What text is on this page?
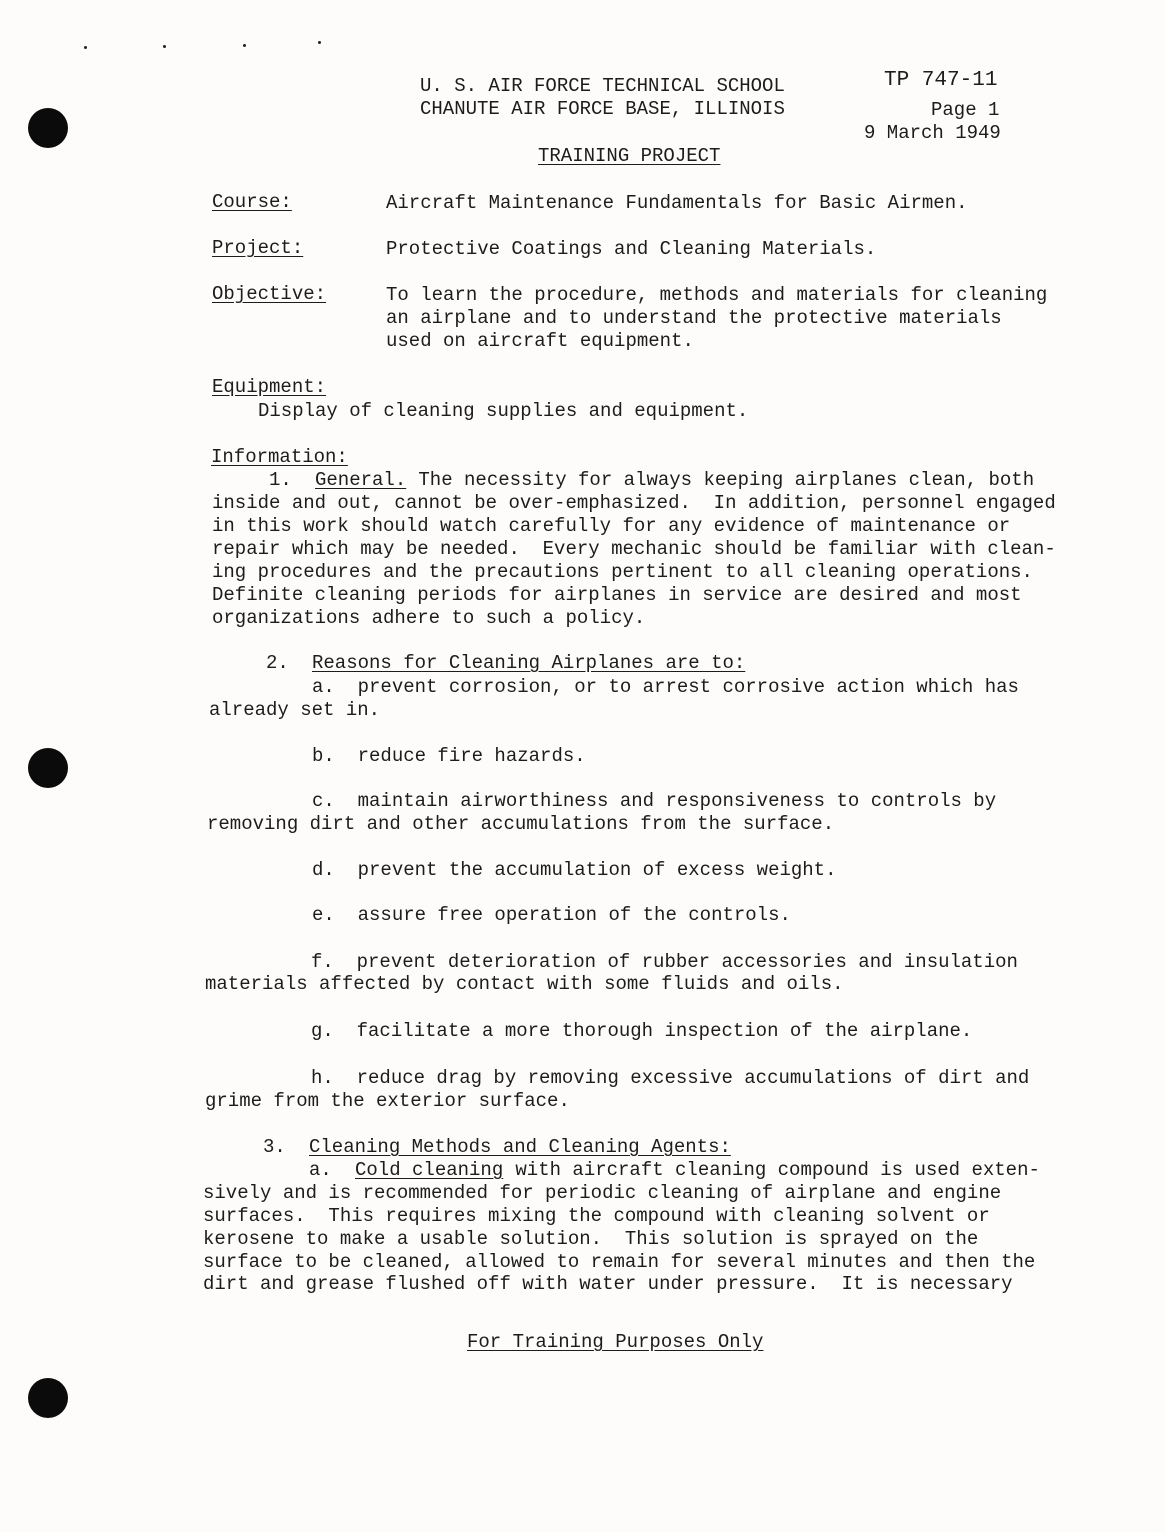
U. S. AIR FORCE TECHNICAL SCHOOL
CHANUTE AIR FORCE BASE, ILLINOIS
TP 747-11
Page 1
9 March 1949
TRAINING PROJECT
Course:	Aircraft Maintenance Fundamentals for Basic Airmen.
Project:	Protective Coatings and Cleaning Materials.
Objective:	To learn the procedure, methods and materials for cleaning
an airplane and to understand the protective materials
used on aircraft equipment.
Equipment:
Display of cleaning supplies and equipment.
Information:
1. General. The necessity for always keeping airplanes clean, both
inside and out, cannot be over-emphasized.  In addition, personnel engaged
in this work should watch carefully for any evidence of maintenance or
repair which may be needed.  Every mechanic should be familiar with clean-
ing procedures and the precautions pertinent to all cleaning operations.
Definite cleaning periods for airplanes in service are desired and most
organizations adhere to such a policy.
2. Reasons for Cleaning Airplanes are to:
a.  prevent corrosion, or to arrest corrosive action which has
already set in.
b.  reduce fire hazards.
c.  maintain airworthiness and responsiveness to controls by
removing dirt and other accumulations from the surface.
d.  prevent the accumulation of excess weight.
e.  assure free operation of the controls.
f.  prevent deterioration of rubber accessories and insulation
materials affected by contact with some fluids and oils.
g.  facilitate a more thorough inspection of the airplane.
h.  reduce drag by removing excessive accumulations of dirt and
grime from the exterior surface.
3. Cleaning Methods and Cleaning Agents:
a. Cold cleaning with aircraft cleaning compound is used exten-
sively and is recommended for periodic cleaning of airplane and engine
surfaces.  This requires mixing the compound with cleaning solvent or
kerosene to make a usable solution.  This solution is sprayed on the
surface to be cleaned, allowed to remain for several minutes and then the
dirt and grease flushed off with water under pressure.  It is necessary
For Training Purposes Only
